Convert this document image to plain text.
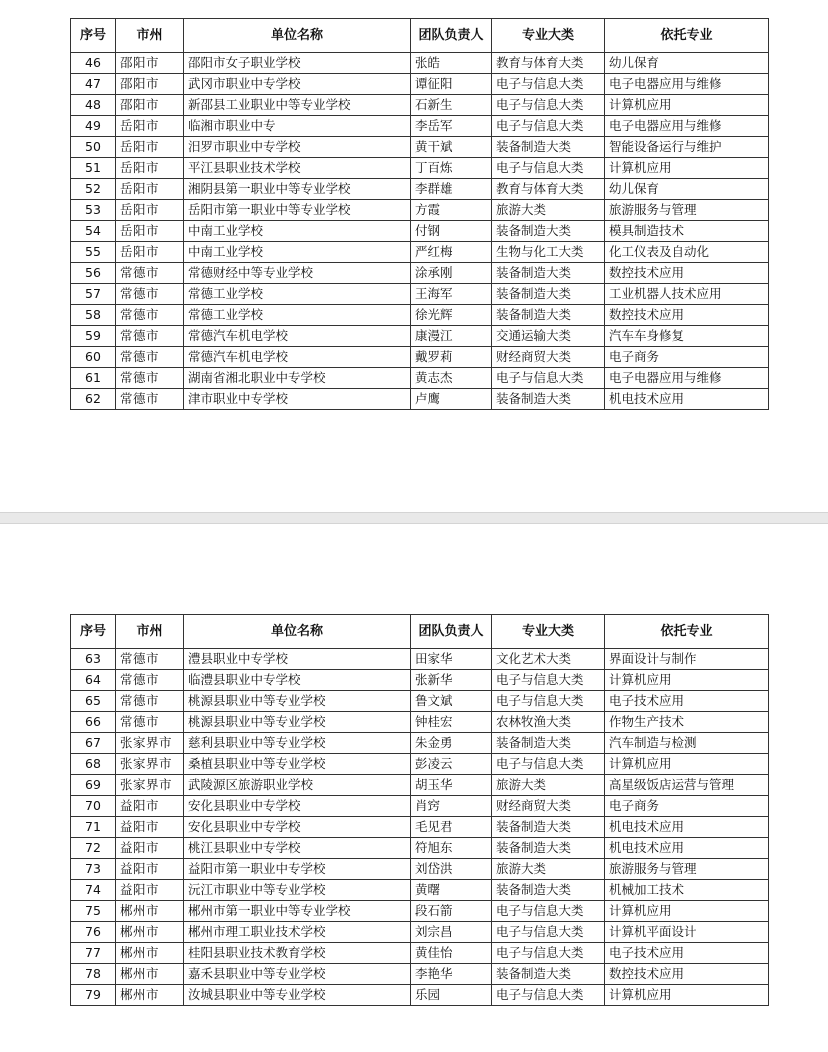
序号	市州	单位名称	团队负责人	专业大类	依托专业
46	邵阳市	邵阳市女子职业学校	张皓	教育与体育大类	幼儿保育
47	邵阳市	武冈市职业中专学校	谭征阳	电子与信息大类	电子电器应用与维修
48	邵阳市	新邵县工业职业中等专业学校	石新生	电子与信息大类	计算机应用
49	岳阳市	临湘市职业中专	李岳军	电子与信息大类	电子电器应用与维修
50	岳阳市	汨罗市职业中专学校	黄干斌	装备制造大类	智能设备运行与维护
51	岳阳市	平江县职业技术学校	丁百炼	电子与信息大类	计算机应用
52	岳阳市	湘阴县第一职业中等专业学校	李群雄	教育与体育大类	幼儿保育
53	岳阳市	岳阳市第一职业中等专业学校	方霞	旅游大类	旅游服务与管理
54	岳阳市	中南工业学校	付钢	装备制造大类	模具制造技术
55	岳阳市	中南工业学校	严红梅	生物与化工大类	化工仪表及自动化
56	常德市	常德财经中等专业学校	涂承刚	装备制造大类	数控技术应用
57	常德市	常德工业学校	王海军	装备制造大类	工业机器人技术应用
58	常德市	常德工业学校	徐光辉	装备制造大类	数控技术应用
59	常德市	常德汽车机电学校	康漫江	交通运输大类	汽车车身修复
60	常德市	常德汽车机电学校	戴罗莉	财经商贸大类	电子商务
61	常德市	湖南省湘北职业中专学校	黄志杰	电子与信息大类	电子电器应用与维修
62	常德市	津市职业中专学校	卢鹰	装备制造大类	机电技术应用
序号	市州	单位名称	团队负责人	专业大类	依托专业
63	常德市	澧县职业中专学校	田家华	文化艺术大类	界面设计与制作
64	常德市	临澧县职业中专学校	张新华	电子与信息大类	计算机应用
65	常德市	桃源县职业中等专业学校	鲁文斌	电子与信息大类	电子技术应用
66	常德市	桃源县职业中等专业学校	钟桂宏	农林牧渔大类	作物生产技术
67	张家界市	慈利县职业中等专业学校	朱金勇	装备制造大类	汽车制造与检测
68	张家界市	桑植县职业中等专业学校	彭凌云	电子与信息大类	计算机应用
69	张家界市	武陵源区旅游职业学校	胡玉华	旅游大类	高星级饭店运营与管理
70	益阳市	安化县职业中专学校	肖窍	财经商贸大类	电子商务
71	益阳市	安化县职业中专学校	毛见君	装备制造大类	机电技术应用
72	益阳市	桃江县职业中专学校	符旭东	装备制造大类	机电技术应用
73	益阳市	益阳市第一职业中专学校	刘岱洪	旅游大类	旅游服务与管理
74	益阳市	沅江市职业中等专业学校	黄曙	装备制造大类	机械加工技术
75	郴州市	郴州市第一职业中等专业学校	段石箭	电子与信息大类	计算机应用
76	郴州市	郴州市理工职业技术学校	刘宗昌	电子与信息大类	计算机平面设计
77	郴州市	桂阳县职业技术教育学校	黄佳怡	电子与信息大类	电子技术应用
78	郴州市	嘉禾县职业中等专业学校	李艳华	装备制造大类	数控技术应用
79	郴州市	汝城县职业中等专业学校	乐园	电子与信息大类	计算机应用
